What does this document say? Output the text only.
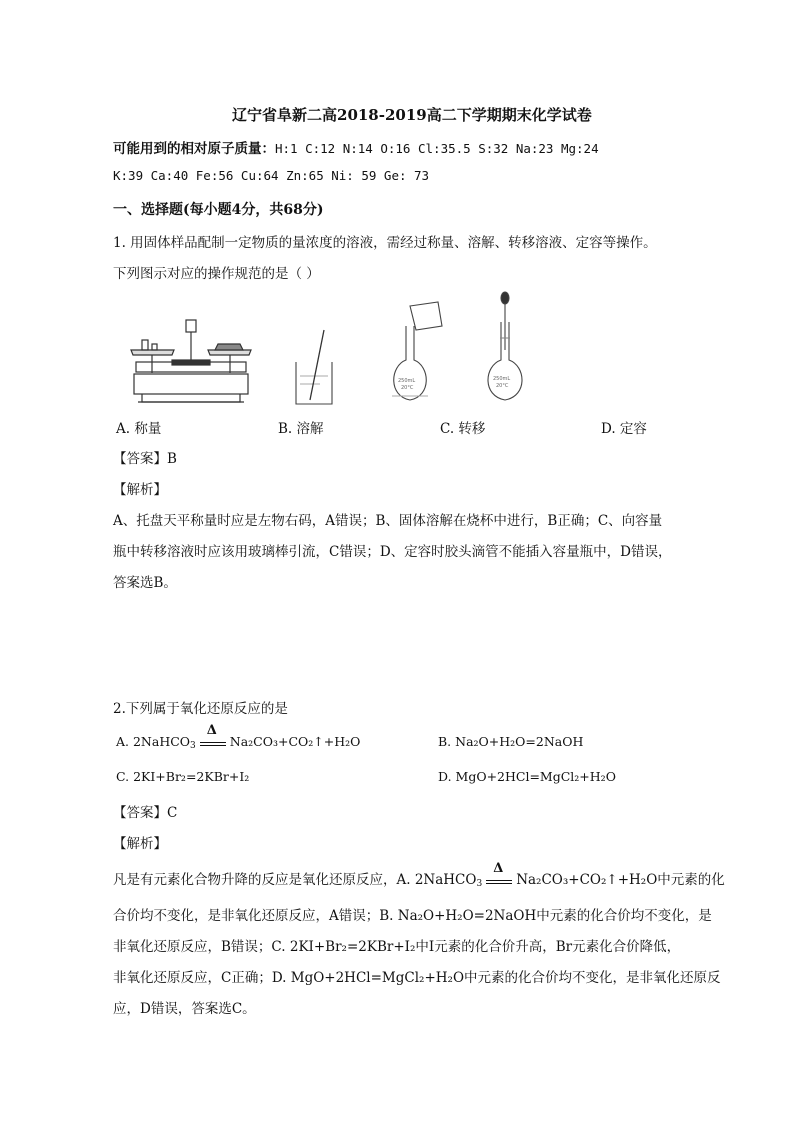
辽宁省阜新二高2018-2019高二下学期期末化学试卷
可能用到的相对原子质量：H:1 C:12 N:14 O:16 Cl:35.5 S:32 Na:23 Mg:24
K:39 Ca:40 Fe:56 Cu:64 Zn:65 Ni: 59 Ge: 73
一、选择题(每小题4分，共68分)
1. 用固体样品配制一定物质的量浓度的溶液，需经过称量、溶解、转移溶液、定容等操作。
下列图示对应的操作规范的是（ ）
250mL
20°C
250mL
20°C
A. 称量	B. 溶解	C. 转移	D. 定容
【答案】B
【解析】
A、托盘天平称量时应是左物右码，A错误；B、固体溶解在烧杯中进行，B正确；C、向容量
瓶中转移溶液时应该用玻璃棒引流，C错误；D、定容时胶头滴管不能插入容量瓶中，D错误，
答案选B。
2.下列属于氧化还原反应的是
A. 2NaHCO$_3$
Δ
Na₂CO₃+CO₂↑+H₂O	B. Na₂O+H₂O=2NaOH
C. 2KI+Br₂=2KBr+I₂	D. MgO+2HCl=MgCl₂+H₂O
【答案】C
【解析】
凡是有元素化合物升降的反应是氧化还原反应，A. 2NaHCO$_3$
Δ
Na₂CO₃+CO₂↑+H₂O中元素的化
合价均不变化，是非氧化还原反应，A错误；B. Na₂O+H₂O=2NaOH中元素的化合价均不变化，是
非氧化还原反应，B错误；C. 2KI+Br₂=2KBr+I₂中I元素的化合价升高，Br元素化合价降低，
非氧化还原反应，C正确；D. MgO+2HCl=MgCl₂+H₂O中元素的化合价均不变化，是非氧化还原反
应，D错误，答案选C。
